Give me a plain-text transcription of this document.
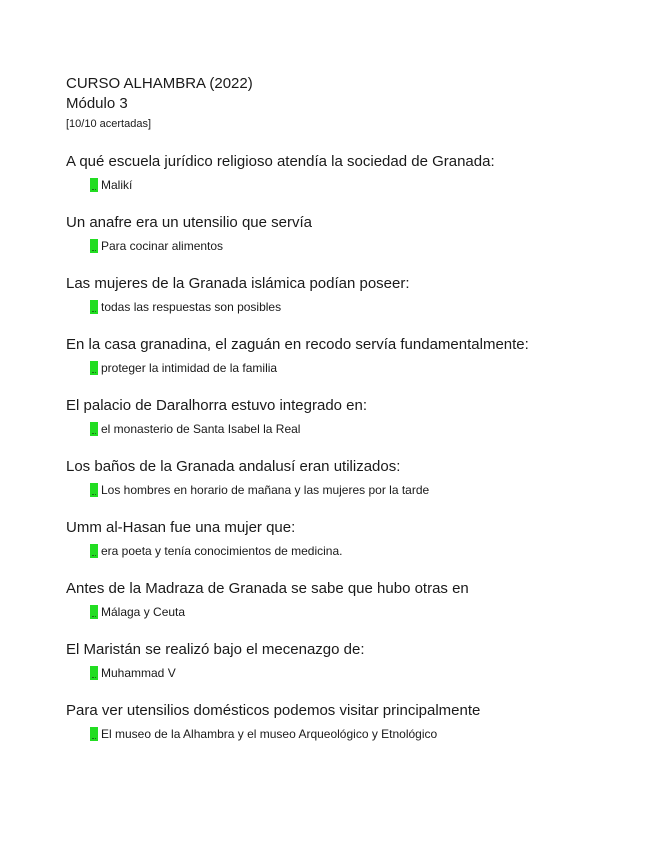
CURSO ALHAMBRA (2022)
Módulo 3

[10/10 acertadas]

A qué escuela jurídico religioso atendía la sociedad de Granada:

Malikí

Un anafre era un utensilio que servía

Para cocinar alimentos

Las mujeres de la Granada islámica podían poseer:

todas las respuestas son posibles

En la casa granadina, el zaguán en recodo servía fundamentalmente:

proteger la intimidad de la familia

El palacio de Daralhorra estuvo integrado en:

el monasterio de Santa Isabel la Real

Los baños de la Granada andalusí eran utilizados:

Los hombres en horario de mañana y las mujeres por la tarde

Umm al-Hasan fue una mujer que:

era poeta y tenía conocimientos de medicina.

Antes de la Madraza de Granada se sabe que hubo otras en

Málaga y Ceuta

El Maristán se realizó bajo el mecenazgo de:

Muhammad V

Para ver utensilios domésticos podemos visitar principalmente

El museo de la Alhambra y el museo Arqueológico y Etnológico
